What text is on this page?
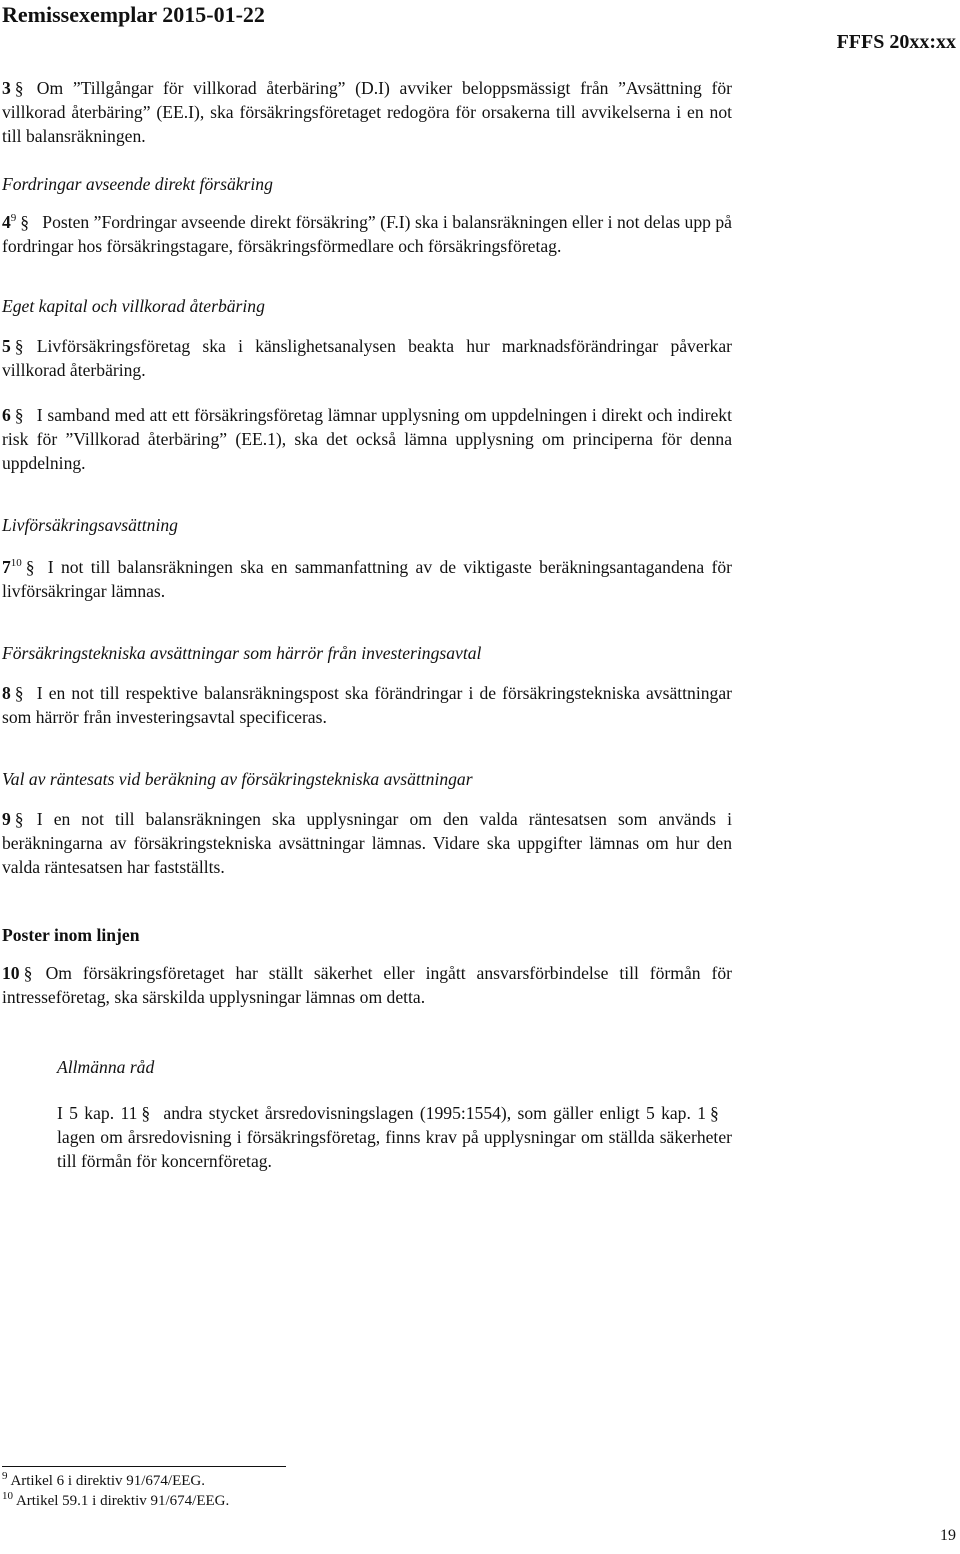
Remissexemplar 2015-01-22
FFFS 20xx:xx

3 § Om ”Tillgångar för villkorad återbäring” (D.I) avviker beloppsmässigt från ”Avsättning för villkorad återbäring” (EE.I), ska försäkringsföretaget redogöra för orsakerna till avvikelserna i en not till balansräkningen.

Fordringar avseende direkt försäkring

$4^9$ § Posten ”Fordringar avseende direkt försäkring” (F.I) ska i balansräkningen eller i not delas upp på fordringar hos försäkringstagare, försäkringsförmedlare och försäkringsföretag.

Eget kapital och villkorad återbäring

5 § Livförsäkringsföretag ska i känslighetsanalysen beakta hur marknadsförändringar påverkar villkorad återbäring.

6 § I samband med att ett försäkringsföretag lämnar upplysning om uppdelningen i direkt och indirekt risk för ”Villkorad återbäring” (EE.1), ska det också lämna upplysning om principerna för denna uppdelning.

Livförsäkringsavsättning

$7^{10}$ § I not till balansräkningen ska en sammanfattning av de viktigaste beräkningsantagandena för livförsäkringar lämnas.

Försäkringstekniska avsättningar som härrör från investeringsavtal

8 § I en not till respektive balansräkningspost ska förändringar i de försäkringstekniska avsättningar som härrör från investeringsavtal specificeras.

Val av räntesats vid beräkning av försäkringstekniska avsättningar

9 § I en not till balansräkningen ska upplysningar om den valda räntesatsen som används i beräkningarna av försäkringstekniska avsättningar lämnas. Vidare ska uppgifter lämnas om hur den valda räntesatsen har fastställts.

Poster inom linjen

10 § Om försäkringsföretaget har ställt säkerhet eller ingått ansvarsförbindelse till förmån för intresseföretag, ska särskilda upplysningar lämnas om detta.

Allmänna råd

I 5 kap. 11 § andra stycket årsredovisningslagen (1995:1554), som gäller enligt 5 kap. 1 §lagen om årsredovisning i försäkringsföretag, finns krav på upplysningar om ställda säkerheter till förmån för koncernföretag.

$^9$ Artikel 6 i direktiv 91/674/EEG.

$^{10}$ Artikel 59.1 i direktiv 91/674/EEG.

19
